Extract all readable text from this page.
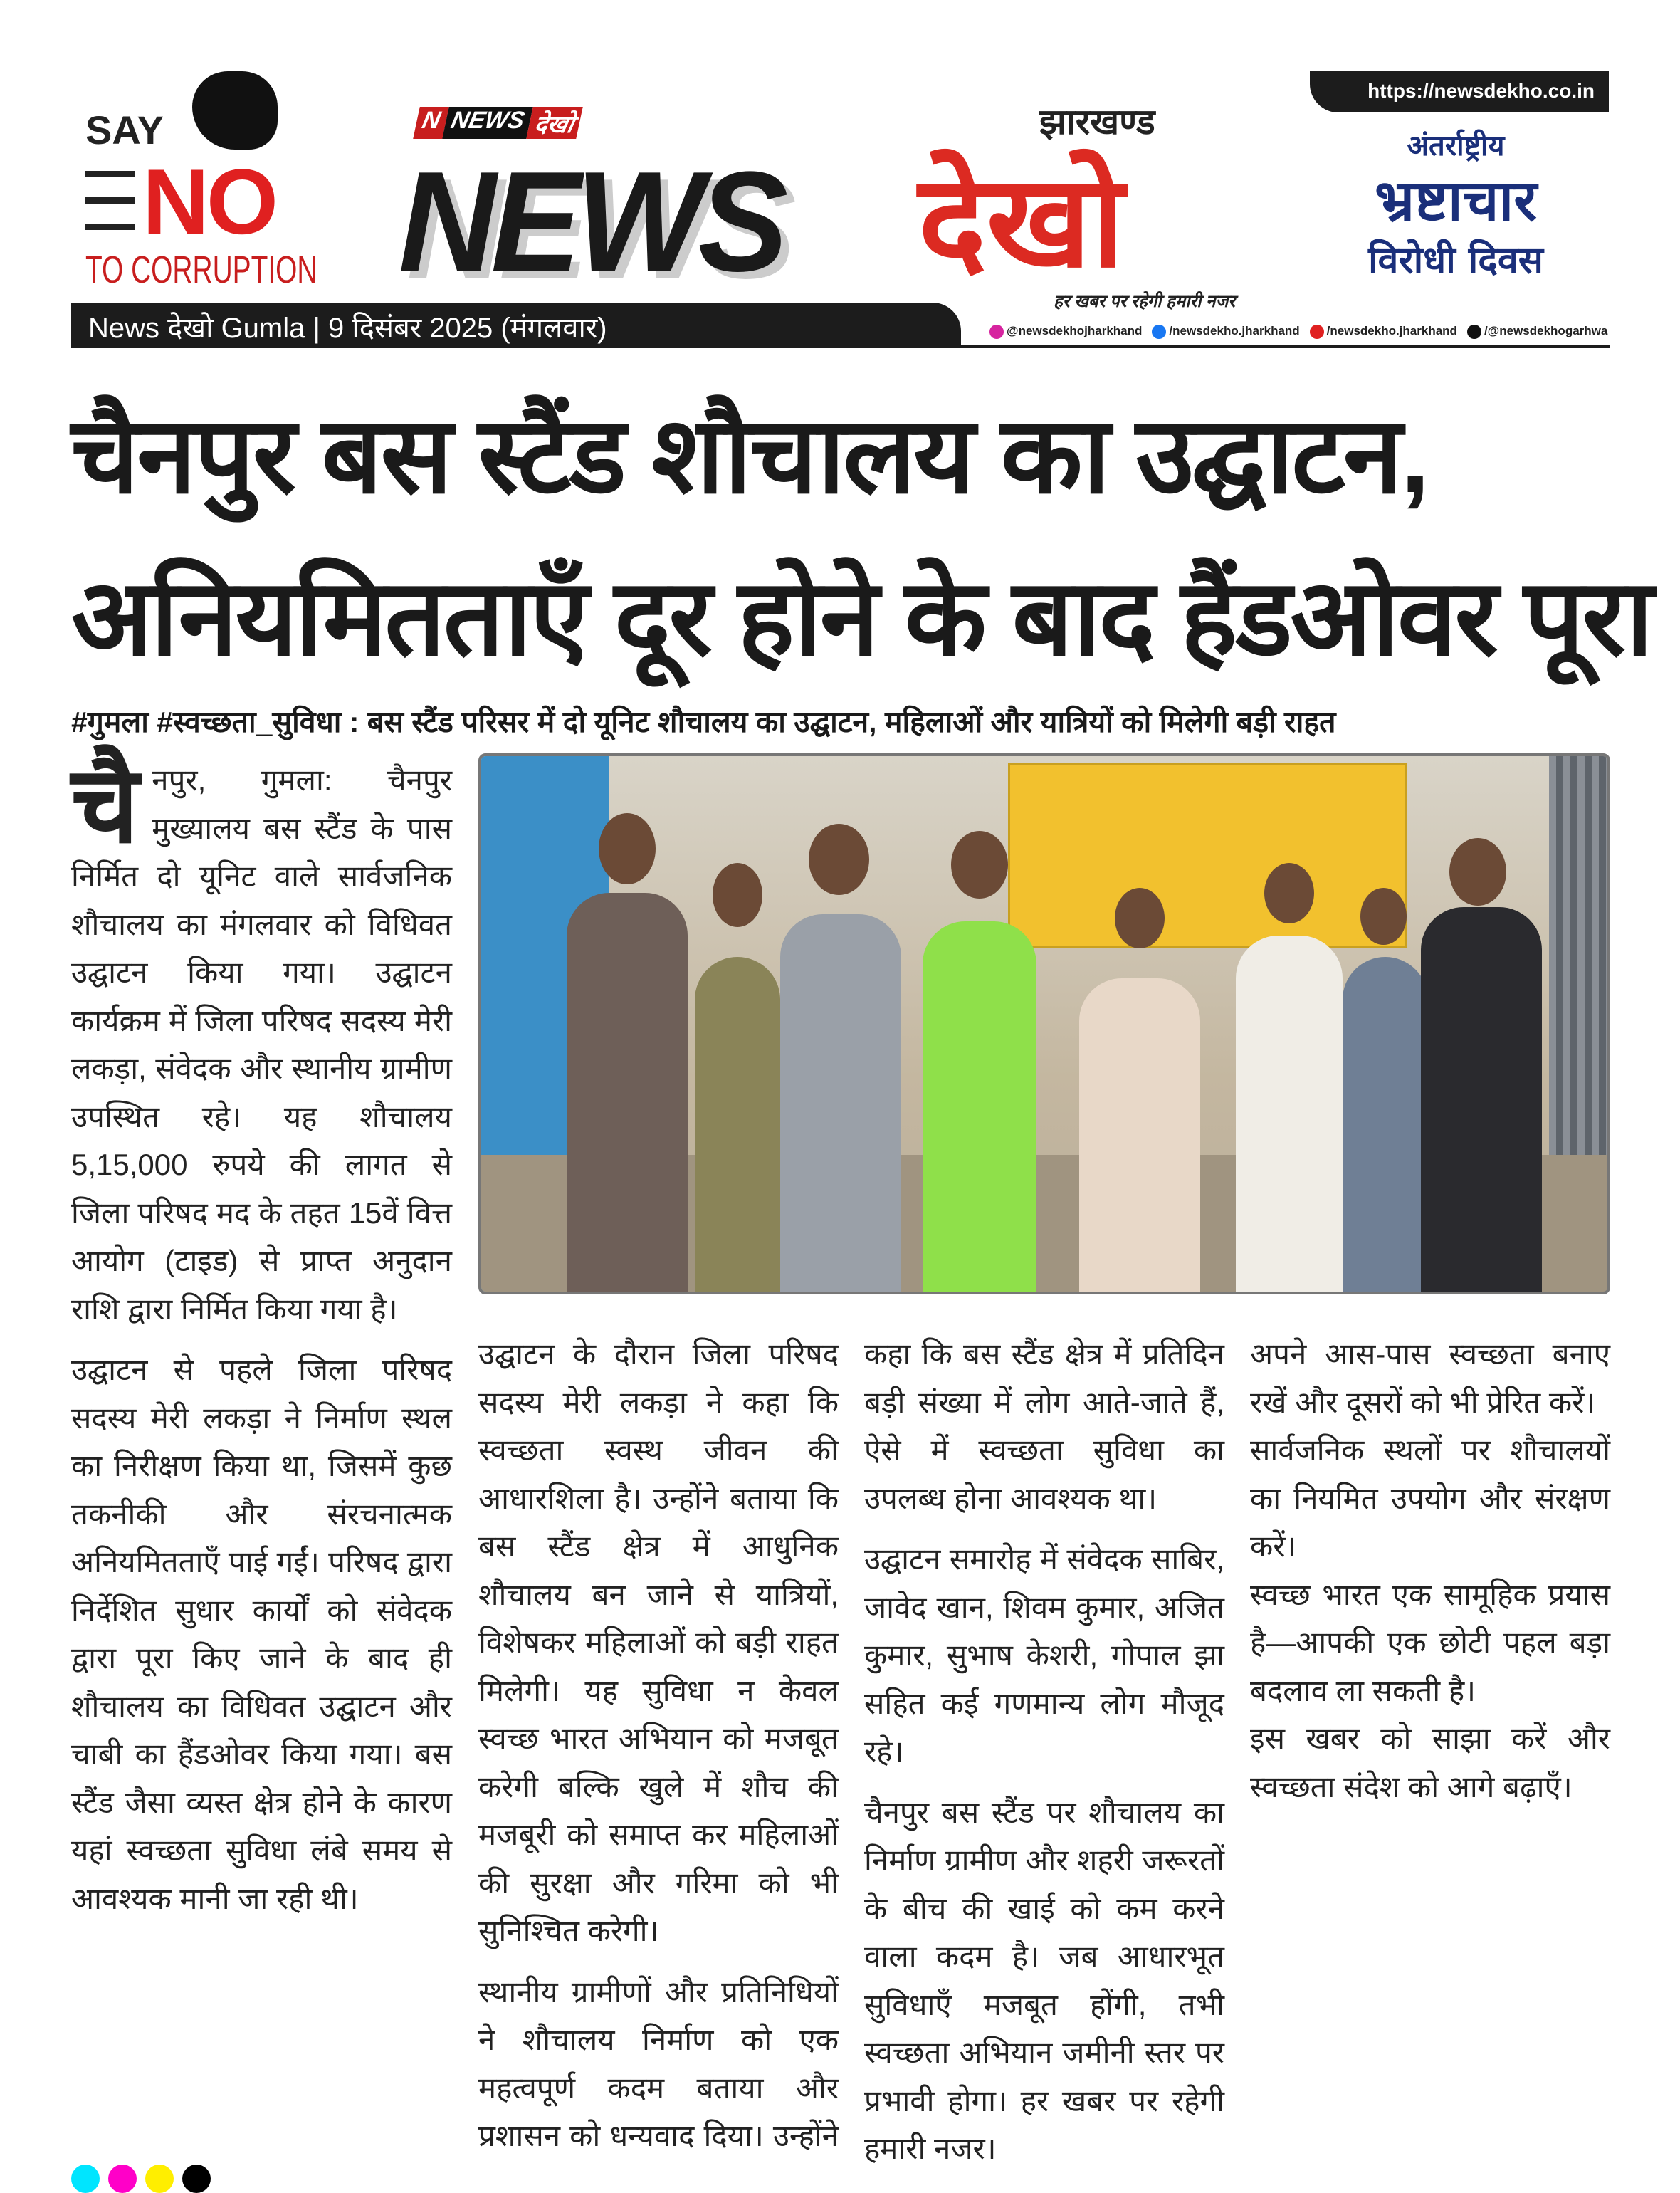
SAY
NO
TO CORRUPTION
N NEWS देखो
NEWS देखो
झारखण्ड
हर खबर पर रहेगी हमारी नजर
https://newsdekho.co.in
अंतर्राष्ट्रीय
भ्रष्टाचार
विरोधी दिवस
News देखो Gumla | 9 दिसंबर 2025 (मंगलवार)	@newsdekhojharkhand	/newsdekho.jharkhand	/newsdekho.jharkhand	/@newsdekhogarhwa
चैनपुर बस स्टैंड शौचालय का उद्घाटन,
अनियमितताएँ दूर होने के बाद हैंडओवर पूरा
#गुमला #स्वच्छता_सुविधा : बस स्टैंड परिसर में दो यूनिट शौचालय का उद्घाटन, महिलाओं और यात्रियों को मिलेगी बड़ी राहत

चैनपुर, गुमला: चैनपुर मुख्यालय बस स्टैंड के पास निर्मित दो यूनिट वाले सार्वजनिक शौचालय का मंगलवार को विधिवत उद्घाटन किया गया। उद्घाटन कार्यक्रम में जिला परिषद सदस्य मेरी लकड़ा, संवेदक और स्थानीय ग्रामीण उपस्थित रहे। यह शौचालय 5,15,000 रुपये की लागत से जिला परिषद मद के तहत 15वें वित्त आयोग (टाइड) से प्राप्त अनुदान राशि द्वारा निर्मित किया गया है।

उद्घाटन से पहले जिला परिषद सदस्य मेरी लकड़ा ने निर्माण स्थल का निरीक्षण किया था, जिसमें कुछ तकनीकी और संरचनात्मक अनियमितताएँ पाई गईं। परिषद द्वारा निर्देशित सुधार कार्यों को संवेदक द्वारा पूरा किए जाने के बाद ही शौचालय का विधिवत उद्घाटन और चाबी का हैंडओवर किया गया। बस स्टैंड जैसा व्यस्त क्षेत्र होने के कारण यहां स्वच्छता सुविधा लंबे समय से आवश्यक मानी जा रही थी।

उद्घाटन के दौरान जिला परिषद सदस्य मेरी लकड़ा ने कहा कि स्वच्छता स्वस्थ जीवन की आधारशिला है। उन्होंने बताया कि बस स्टैंड क्षेत्र में आधुनिक शौचालय बन जाने से यात्रियों, विशेषकर महिलाओं को बड़ी राहत मिलेगी। यह सुविधा न केवल स्वच्छ भारत अभियान को मजबूत करेगी बल्कि खुले में शौच की मजबूरी को समाप्त कर महिलाओं की सुरक्षा और गरिमा को भी सुनिश्चित करेगी।

स्थानीय ग्रामीणों और प्रतिनिधियों ने शौचालय निर्माण को एक महत्वपूर्ण कदम बताया और प्रशासन को धन्यवाद दिया। उन्होंने कहा कि बस स्टैंड क्षेत्र में प्रतिदिन बड़ी संख्या में लोग आते-जाते हैं, ऐसे में स्वच्छता सुविधा का उपलब्ध होना आवश्यक था।

उद्घाटन समारोह में संवेदक साबिर, जावेद खान, शिवम कुमार, अजित कुमार, सुभाष केशरी, गोपाल झा सहित कई गणमान्य लोग मौजूद रहे।

चैनपुर बस स्टैंड पर शौचालय का निर्माण ग्रामीण और शहरी जरूरतों के बीच की खाई को कम करने वाला कदम है। जब आधारभूत सुविधाएँ मजबूत होंगी, तभी स्वच्छता अभियान जमीनी स्तर पर प्रभावी होगा। हर खबर पर रहेगी हमारी नजर।

अपने आस-पास स्वच्छता बनाए रखें और दूसरों को भी प्रेरित करें।

सार्वजनिक स्थलों पर शौचालयों का नियमित उपयोग और संरक्षण करें।

स्वच्छ भारत एक सामूहिक प्रयास है—आपकी एक छोटी पहल बड़ा बदलाव ला सकती है।

इस खबर को साझा करें और स्वच्छता संदेश को आगे बढ़ाएँ।
